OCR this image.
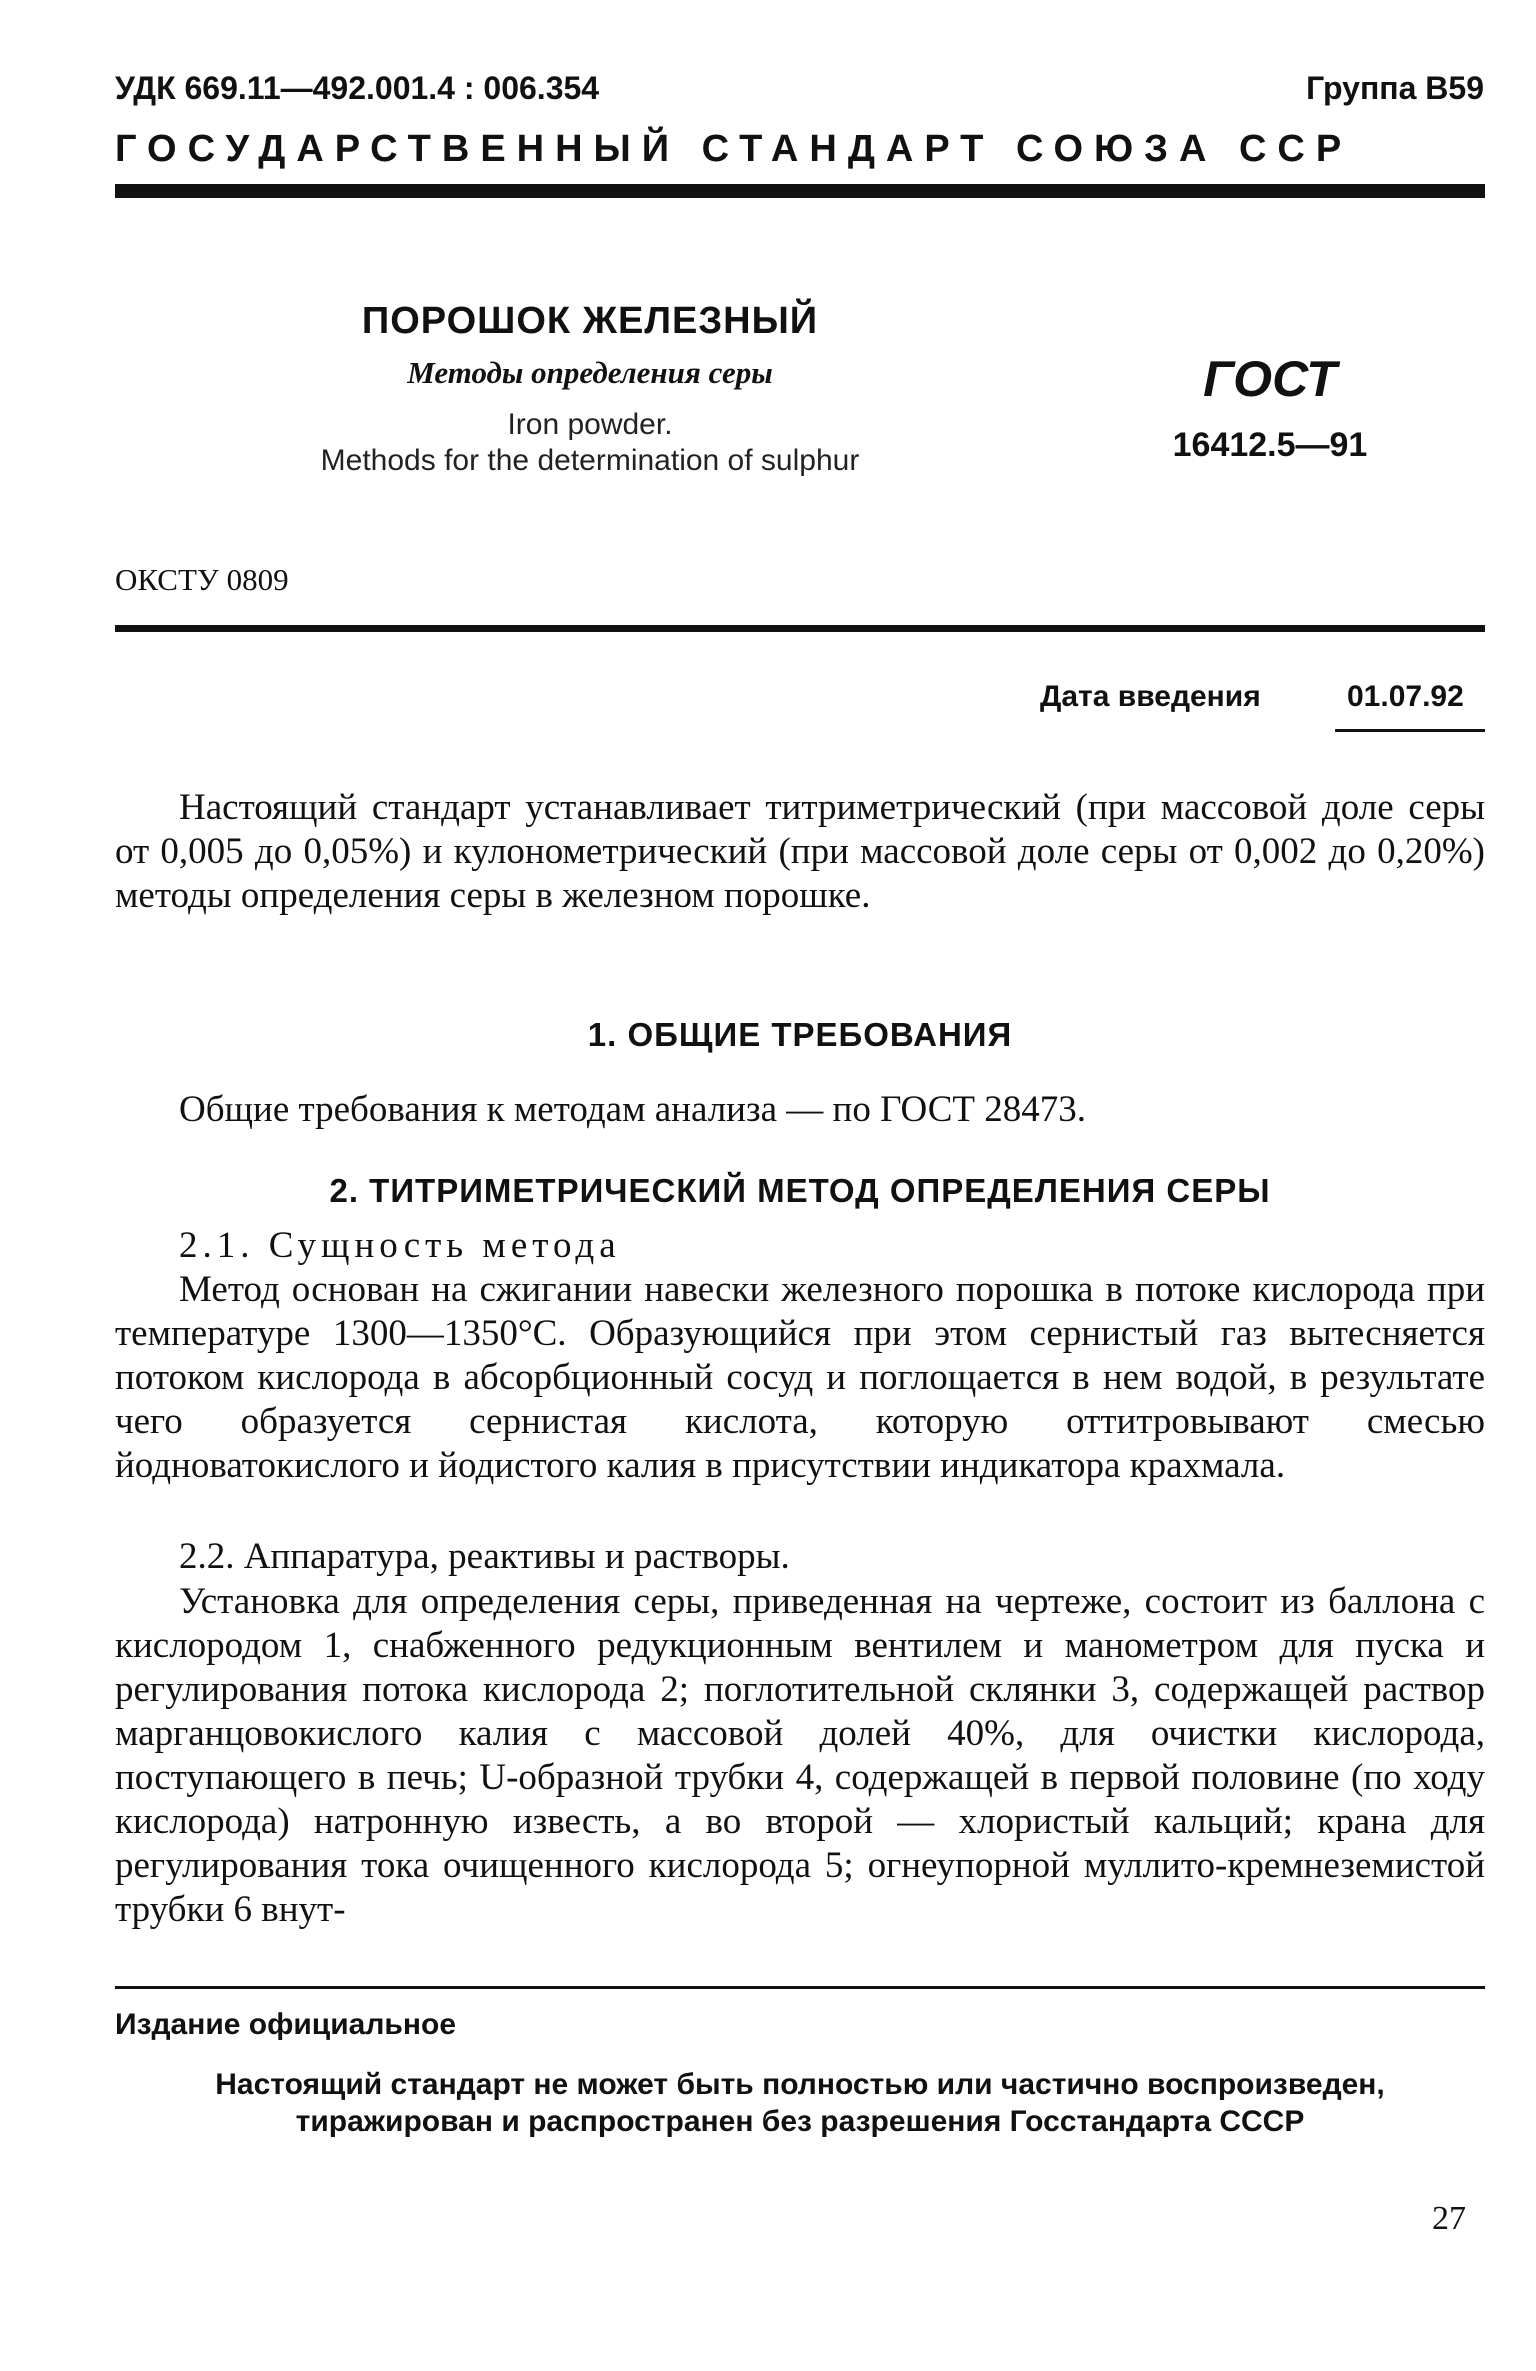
УДК 669.11—492.001.4 : 006.354	Группа В59
ГОСУДАРСТВЕННЫЙ СТАНДАРТ СОЮЗА ССР
ПОРОШОК ЖЕЛЕЗНЫЙ
Методы определения серы
Iron powder.
Methods for the determination of sulphur
ГОСТ
16412.5—91
ОКСТУ 0809
Дата введения	01.07.92
Настоящий стандарт устанавливает титриметрический (при массовой доле серы от 0,005 до 0,05%) и кулонометрический (при массовой доле серы от 0,002 до 0,20%) методы определения серы в железном порошке.
1. ОБЩИЕ ТРЕБОВАНИЯ
Общие требования к методам анализа — по ГОСТ 28473.
2. ТИТРИМЕТРИЧЕСКИЙ МЕТОД ОПРЕДЕЛЕНИЯ СЕРЫ
2.1. Сущность метода
Метод основан на сжигании навески железного порошка в потоке кислорода при температуре 1300—1350°С. Образующийся при этом сернистый газ вытесняется потоком кислорода в абсорбционный сосуд и поглощается в нем водой, в результате чего образуется сернистая кислота, которую оттитровывают смесью йодноватокислого и йодистого калия в присутствии индикатора крахмала.
2.2. Аппаратура, реактивы и растворы.
Установка для определения серы, приведенная на чертеже, состоит из баллона с кислородом 1, снабженного редукционным вентилем и манометром для пуска и регулирования потока кислорода 2; поглотительной склянки 3, содержащей раствор марганцовокислого калия с массовой долей 40%, для очистки кислорода, поступающего в печь; U-образной трубки 4, содержащей в первой половине (по ходу кислорода) натронную известь, а во второй — хлористый кальций; крана для регулирования тока очищенного кислорода 5; огнеупорной муллито-кремнеземистой трубки 6 внут-
Издание официальное
Настоящий стандарт не может быть полностью или частично воспроизведен,
тиражирован и распространен без разрешения Госстандарта СССР
27
